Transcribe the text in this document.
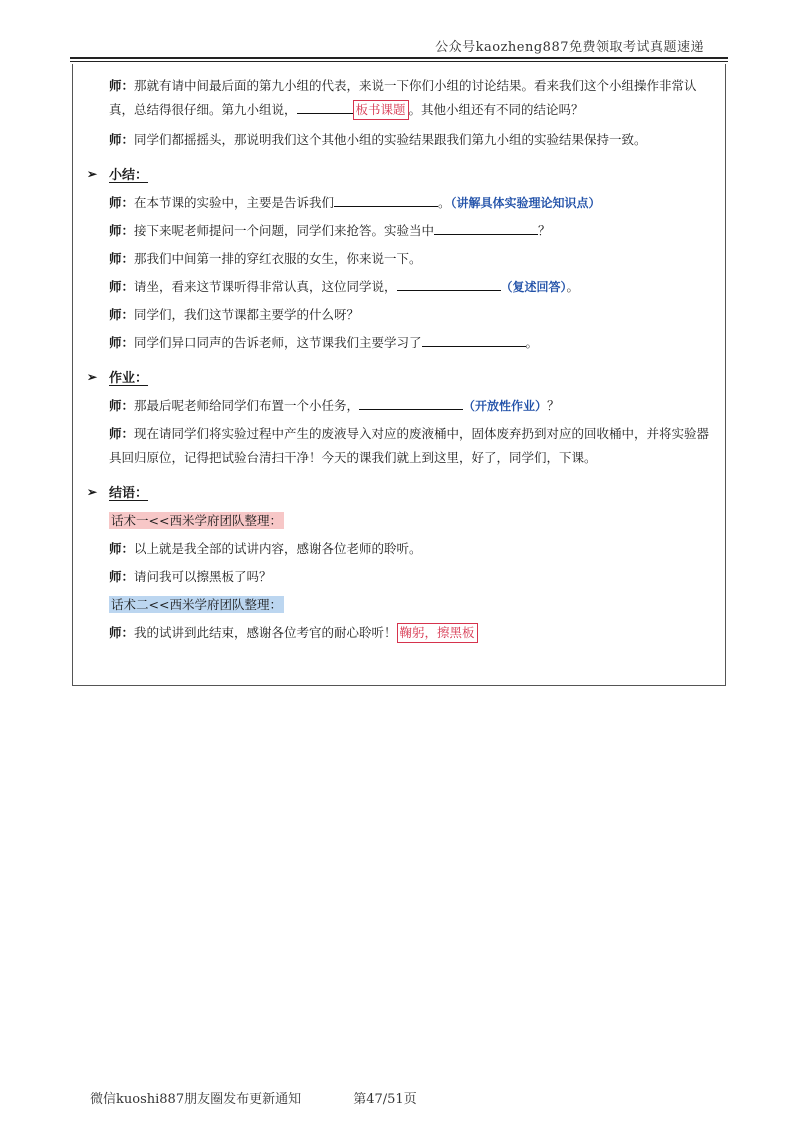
公众号kaozheng887免费领取考试真题速递

师：那就有请中间最后面的第九小组的代表，来说一下你们小组的讨论结果。看来我们这个小组操作非常认真，总结得很仔细。第九小组说，	板书课题 。其他小组还有不同的结论吗？

师：同学们都摇摇头，那说明我们这个其他小组的实验结果跟我们第九小组的实验结果保持一致。

➢ 小结：

师：在本节课的实验中，主要是告诉我们	。（讲解具体实验理论知识点）

师：接下来呢老师提问一个问题，同学们来抢答。实验当中	？

师：那我们中间第一排的穿红衣服的女生，你来说一下。

师：请坐，看来这节课听得非常认真，这位同学说，	（复述回答）。

师：同学们，我们这节课都主要学的什么呀？

师：同学们异口同声的告诉老师，这节课我们主要学习了	。

➢ 作业：

师：那最后呢老师给同学们布置一个小任务，	（开放性作业）？

师：现在请同学们将实验过程中产生的废液导入对应的废液桶中，固体废弃扔到对应的回收桶中，并将实验器具回归原位，记得把试验台清扫干净！今天的课我们就上到这里，好了，同学们，下课。

➢ 结语：

话术一<<西米学府团队整理：

师：以上就是我全部的试讲内容，感谢各位老师的聆听。

师：请问我可以擦黑板了吗？

话术二<<西米学府团队整理：

师：我的试讲到此结束，感谢各位考官的耐心聆听！ 鞠躬，擦黑板

微信kuoshi887朋友圈发布更新通知	第47/51页
